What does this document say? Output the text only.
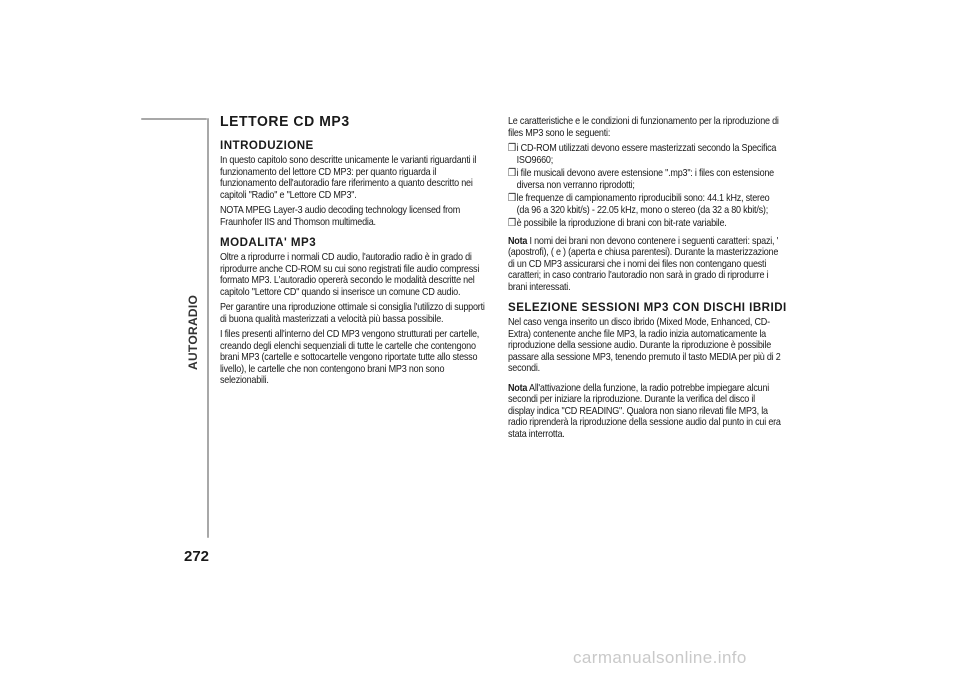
AUTORADIO
272
LETTORE CD MP3
INTRODUZIONE

In questo capitolo sono descritte unicamente le varianti riguardanti il funzionamento del lettore CD MP3: per quanto riguarda il funzionamento dell'autoradio fare riferimento a quanto descritto nei capitoli "Radio" e "Lettore CD MP3".

NOTA MPEG Layer-3 audio decoding technology licensed from Fraunhofer IIS and Thomson multimedia.

MODALITA' MP3

Oltre a riprodurre i normali CD audio, l'autoradio radio è in grado di riprodurre anche CD-ROM su cui sono registrati file audio compressi formato MP3. L'autoradio opererà secondo le modalità descritte nel capitolo "Lettore CD" quando si inserisce un comune CD audio.

Per garantire una riproduzione ottimale si consiglia l'utilizzo di supporti di buona qualità masterizzati a velocità più bassa possibile.

I files presenti all'interno del CD MP3 vengono strutturati per cartelle, creando degli elenchi sequenziali di tutte le cartelle che contengono brani MP3 (cartelle e sottocartelle vengono riportate tutte allo stesso livello), le cartelle che non contengono brani MP3 non sono selezionabili.

Le caratteristiche e le condizioni di funzionamento per la riproduzione di files MP3 sono le seguenti:

❒ i CD-ROM utilizzati devono essere masterizzati secondo la Specifica ISO9660;
❒ i file musicali devono avere estensione ".mp3": i files con estensione diversa non verranno riprodotti;
❒ le frequenze di campionamento riproducibili sono: 44.1 kHz, stereo (da 96 a 320 kbit/s) - 22.05 kHz, mono o stereo (da 32 a 80 kbit/s);
❒ è possibile la riproduzione di brani con bit-rate variabile.

Nota I nomi dei brani non devono contenere i seguenti caratteri: spazi, ' (apostrofi), ( e ) (aperta e chiusa parentesi). Durante la masterizzazione di un CD MP3 assicurarsi che i nomi dei files non contengano questi caratteri; in caso contrario l'autoradio non sarà in grado di riprodurre i brani interessati.

SELEZIONE SESSIONI MP3 CON DISCHI IBRIDI

Nel caso venga inserito un disco ibrido (Mixed Mode, Enhanced, CD-Extra) contenente anche file MP3, la radio inizia automaticamente la riproduzione della sessione audio. Durante la riproduzione è possibile passare alla sessione MP3, tenendo premuto il tasto MEDIA per più di 2 secondi.

Nota All'attivazione della funzione, la radio potrebbe impiegare alcuni secondi per iniziare la riproduzione. Durante la verifica del disco il display indica "CD READING". Qualora non siano rilevati file MP3, la radio riprenderà la riproduzione della sessione audio dal punto in cui era stata interrotta.

carmanualsonline.info
